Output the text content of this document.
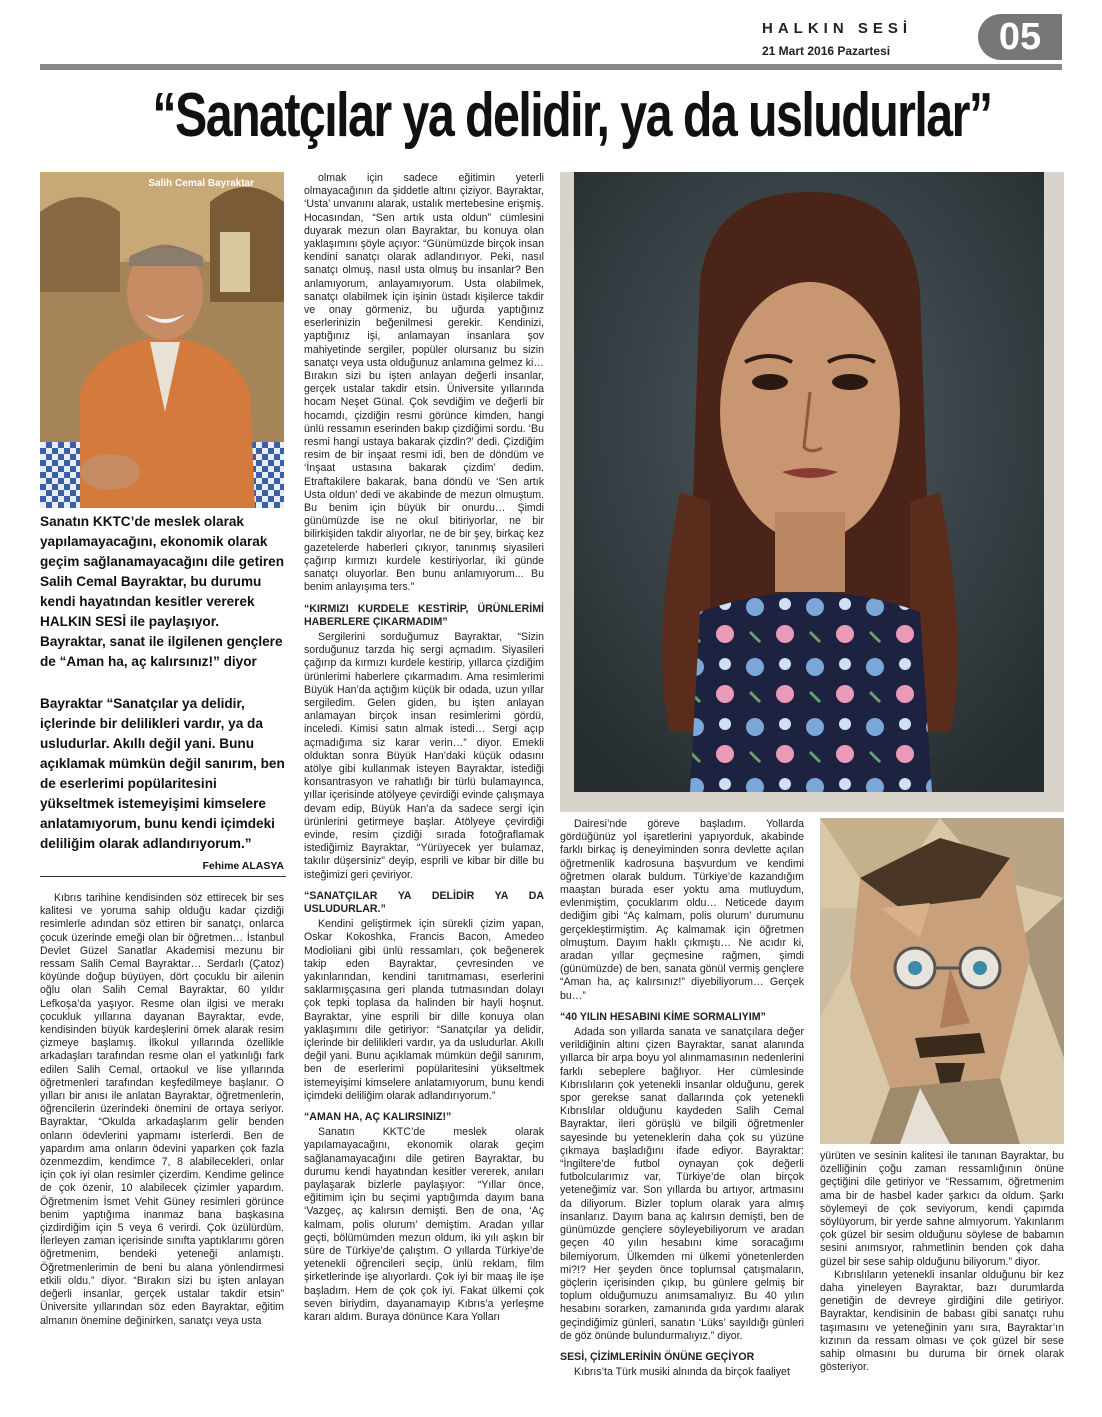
HALKIN SESİ
21 Mart 2016 Pazartesi	05
“Sanatçılar ya delidir, ya da usludurlar”
Salih Cemal Bayraktar

Sanatın KKTC’de meslek olarak yapılamayacağını, ekonomik olarak geçim sağlanamayacağını dile getiren Salih Cemal Bayraktar, bu durumu kendi hayatından kesitler vererek HALKIN SESİ ile paylaşıyor. Bayraktar, sanat ile ilgilenen gençlere de “Aman ha, aç kalırsınız!” diyor

Bayraktar “Sanatçılar ya delidir, içlerinde bir delilikleri vardır, ya da usludurlar. Akıllı değil yani. Bunu açıklamak mümkün değil sanırım, ben de eserlerimi popülaritesini yükseltmek istemeyişimi kimselere anlatamıyorum, bunu kendi içimdeki deliliğim olarak adlandırıyorum.”

Fehime ALASYA

Kıbrıs tarihine kendisinden söz ettirecek bir ses kalitesi ve yoruma sahip olduğu kadar çizdiği resimlerle adından söz ettiren bir sanatçı, onlarca çocuk üzerinde emeği olan bir öğretmen… İstanbul Devlet Güzel Sanatlar Akademisi mezunu bir ressam Salih Cemal Bayraktar… Serdarlı (Çatoz) köyünde doğup büyüyen, dört çocuklu bir ailenin oğlu olan Salih Cemal Bayraktar, 60 yıldır Lefkoşa’da yaşıyor. Resme olan ilgisi ve merakı çocukluk yıllarına dayanan Bayraktar, evde, kendisinden büyük kardeşlerini örnek alarak resim çizmeye başlamış. İlkokul yıllarında özellikle arkadaşları tarafından resme olan el yatkınlığı fark edilen Salih Cemal, ortaokul ve lise yıllarında öğretmenleri tarafından keşfedilmeye başlanır. O yılları bir anısı ile anlatan Bayraktar, öğretmenlerin, öğrencilerin üzerindeki önemini de ortaya seriyor. Bayraktar, “Okulda arkadaşlarım gelir benden onların ödevlerini yapmamı isterlerdi. Ben de yapardım ama onların ödevini yaparken çok fazla özenmezdim, kendimce 7, 8 alabilecekleri, onlar için çok iyi olan resimler çizerdim. Kendime gelince de çok özenir, 10 alabilecek çizimler yapardım. Öğretmenim İsmet Vehit Güney resimleri görünce benim yaptığıma inanmaz bana başkasına çizdirdiğim için 5 veya 6 verirdi. Çok üzülürdüm. İlerleyen zaman içerisinde sınıfta yaptıklarımı gören öğretmenim, bendeki yeteneği anlamıştı. Öğretmenlerimin de beni bu alana yönlendirmesi etkili oldu.” diyor. “Bırakın sizi bu işten anlayan değerli insanlar, gerçek ustalar takdir etsin” Üniversite yıllarından söz eden Bayraktar, eğitim almanın önemine değinirken, sanatçı veya usta

olmak için sadece eğitimin yeterli olmayacağının da şiddetle altını çiziyor. Bayraktar, ‘Usta’ unvanını alarak, ustalık mertebesine erişmiş. Hocasından, “Sen artık usta oldun” cümlesini duyarak mezun olan Bayraktar, bu konuya olan yaklaşımını şöyle açıyor: “Günümüzde birçok insan kendini sanatçı olarak adlandırıyor. Peki, nasıl sanatçı olmuş, nasıl usta olmuş bu insanlar? Ben anlamıyorum, anlayamıyorum. Usta olabilmek, sanatçı olabilmek için işinin üstadı kişilerce takdir ve onay görmeniz, bu uğurda yaptığınız eserlerinizin beğenilmesi gerekir. Kendinizi, yaptığınız işi, anlamayan insanlara şov mahiyetinde sergiler, popüler olursanız bu sizin sanatçı veya usta olduğunuz anlamına gelmez ki… Bırakın sizi bu işten anlayan değerli insanlar, gerçek ustalar takdir etsin. Üniversite yıllarında hocam Neşet Günal. Çok sevdiğim ve değerli bir hocamdı, çizdiğin resmi görünce kimden, hangi ünlü ressamın eserinden bakıp çizdiğimi sordu. ‘Bu resmi hangi ustaya bakarak çizdin?’ dedi. Çizdiğim resim de bir inşaat resmi idi, ben de döndüm ve ‘İnşaat ustasına bakarak çizdim’ dedim. Etraftakilere bakarak, bana döndü ve ‘Sen artık Usta oldun’ dedi ve akabinde de mezun olmuştum. Bu benim için büyük bir onurdu… Şimdi günümüzde ise ne okul bitiriyorlar, ne bir bilirkişiden takdir alıyorlar, ne de bir şey, birkaç kez gazetelerde haberleri çıkıyor, tanınmış siyasileri çağırıp kırmızı kurdele kestiriyorlar, iki günde sanatçı oluyorlar. Ben bunu anlamıyorum... Bu benim anlayışıma ters.”

“KIRMIZI KURDELE KESTİRİP, ÜRÜNLERİMİ HABERLERE ÇIKARMADIM”

Sergilerini sorduğumuz Bayraktar, “Sizin sorduğunuz tarzda hiç sergi açmadım. Siyasileri çağırıp da kırmızı kurdele kestirip, yıllarca çizdiğim ürünlerimi haberlere çıkarmadım. Ama resimlerimi Büyük Han’da açtığım küçük bir odada, uzun yıllar sergiledim. Gelen giden, bu işten anlayan anlamayan birçok insan resimlerimi gördü, inceledi. Kimisi satın almak istedi… Sergi açıp açmadığıma siz karar verin…” diyor. Emekli olduktan sonra Büyük Han’daki küçük odasını atölye gibi kullanmak isteyen Bayraktar, istediği konsantrasyon ve rahatlığı bir türlü bulamayınca, yıllar içerisinde atölyeye çevirdiği evinde çalışmaya devam edip, Büyük Han’a da sadece sergi için ürünlerini getirmeye başlar. Atölyeye çevirdiği evinde, resim çizdiği sırada fotoğraflamak istediğimiz Bayraktar, “Yürüyecek yer bulamaz, takılır düşersiniz” deyip, esprili ve kibar bir dille bu isteğimizi geri çeviriyor.

“SANATÇILAR YA DELİDİR YA DA USLUDURLAR.”

Kendini geliştirmek için sürekli çizim yapan, Oskar Kokoshka, Francis Bacon, Amedeo Modioliani gibi ünlü ressamları, çok beğenerek takip eden Bayraktar, çevresinden ve yakınlarından, kendini tanıtmaması, eserlerini saklarmışçasına geri planda tutmasından dolayı çok tepki toplasa da halinden bir hayli hoşnut. Bayraktar, yine esprili bir dille konuya olan yaklaşımını dile getiriyor: “Sanatçılar ya delidir, içlerinde bir delilikleri vardır, ya da usludurlar. Akıllı değil yani. Bunu açıklamak mümkün değil sanırım, ben de eserlerimi popülaritesini yükseltmek istemeyişimi kimselere anlatamıyorum, bunu kendi içimdeki deliliğim olarak adlandırıyorum.”

“AMAN HA, AÇ KALIRSINIZ!”

Sanatın KKTC’de meslek olarak yapılamayacağını, ekonomik olarak geçim sağlanamayacağını dile getiren Bayraktar, bu durumu kendi hayatından kesitler vererek, anıları paylaşarak bizlerle paylaşıyor: “Yıllar önce, eğitimim için bu seçimi yaptığımda dayım bana ‘Vazgeç, aç kalırsın demişti. Ben de ona, ‘Aç kalmam, polis olurum’ demiştim. Aradan yıllar geçti, bölümümden mezun oldum, iki yılı aşkın bir süre de Türkiye’de çalıştım. O yıllarda Türkiye’de yetenekli öğrencileri seçip, ünlü reklam, film şirketlerinde işe alıyorlardı. Çok iyi bir maaş ile işe başladım. Hem de çok çok iyi. Fakat ülkemi çok seven biriydim, dayanamayıp Kıbrıs’a yerleşme kararı aldım. Buraya dönünce Kara Yolları

Dairesi’nde göreve başladım. Yollarda gördüğünüz yol işaretlerini yapıyorduk, akabinde farklı birkaç iş deneyiminden sonra devlette açılan öğretmenlik kadrosuna başvurdum ve kendimi öğretmen olarak buldum. Türkiye’de kazandığım maaştan burada eser yoktu ama mutluydum, evlenmiştim, çocuklarım oldu… Neticede dayım dediğim gibi “Aç kalmam, polis olurum’ durumunu gerçekleştirmiştim. Aç kalmamak için öğretmen olmuştum. Dayım haklı çıkmıştı… Ne acıdır ki, aradan yıllar geçmesine rağmen, şimdi (günümüzde) de ben, sanata gönül vermiş gençlere “Aman ha, aç kalırsınız!” diyebiliyorum… Gerçek bu…”

“40 YILIN HESABINI KİME SORMALIYIM”

Adada son yıllarda sanata ve sanatçılara değer verildiğinin altını çizen Bayraktar, sanat alanında yıllarca bir arpa boyu yol alınmamasının nedenlerini farklı sebeplere bağlıyor. Her cümlesinde Kıbrıslıların çok yetenekli insanlar olduğunu, gerek spor gerekse sanat dallarında çok yetenekli Kıbrıslılar olduğunu kaydeden Salih Cemal Bayraktar, ileri görüşlü ve bilgili öğretmenler sayesinde bu yeteneklerin daha çok su yüzüne çıkmaya başladığını ifade ediyor. Bayraktar: “İngiltere’de futbol oynayan çok değerli futbolcularımız var, Türkiye’de olan birçok yeteneğimiz var. Son yıllarda bu artıyor, artmasını da diliyorum. Bizler toplum olarak yara almış insanlarız. Dayım bana aç kalırsın demişti, ben de günümüzde gençlere söyleyebiliyorum ve aradan geçen 40 yılın hesabını kime soracağımı bilemiyorum. Ülkemden mi ülkemi yönetenlerden mi?!? Her şeyden önce toplumsal çatışmaların, göçlerin içerisinden çıkıp, bu günlere gelmiş bir toplum olduğumuzu anımsamalıyız. Bu 40 yılın hesabını sorarken, zamanında gıda yardımı alarak geçindiğimiz günleri, sanatın ‘Lüks’ sayıldığı günleri de göz önünde bulundurmalıyız.” diyor.

SESİ, ÇİZİMLERİNİN ÖNÜNE GEÇİYOR

Kıbrıs’ta Türk musiki alnında da birçok faaliyet

yürüten ve sesinin kalitesi ile tanınan Bayraktar, bu özelliğinin çoğu zaman ressamlığının önüne geçtiğini dile getiriyor ve “Ressamım, öğretmenim ama bir de hasbel kader şarkıcı da oldum. Şarkı söylemeyi de çok seviyorum, kendi çapımda söylüyorum, bir yerde sahne almıyorum. Yakınlarım çok güzel bir sesim olduğunu söylese de babamın sesini anımsıyor, rahmetlinin benden çok daha güzel bir sese sahip olduğunu biliyorum.” diyor.

Kıbrıslıların yetenekli insanlar olduğunu bir kez daha yineleyen Bayraktar, bazı durumlarda genetiğin de devreye girdiğini dile getiriyor. Bayraktar, kendisinin de babası gibi sanatçı ruhu taşımasını ve yeteneğinin yanı sıra, Bayraktar’ın kızının da ressam olması ve çok güzel bir sese sahip olmasını bu duruma bir örnek olarak gösteriyor.
